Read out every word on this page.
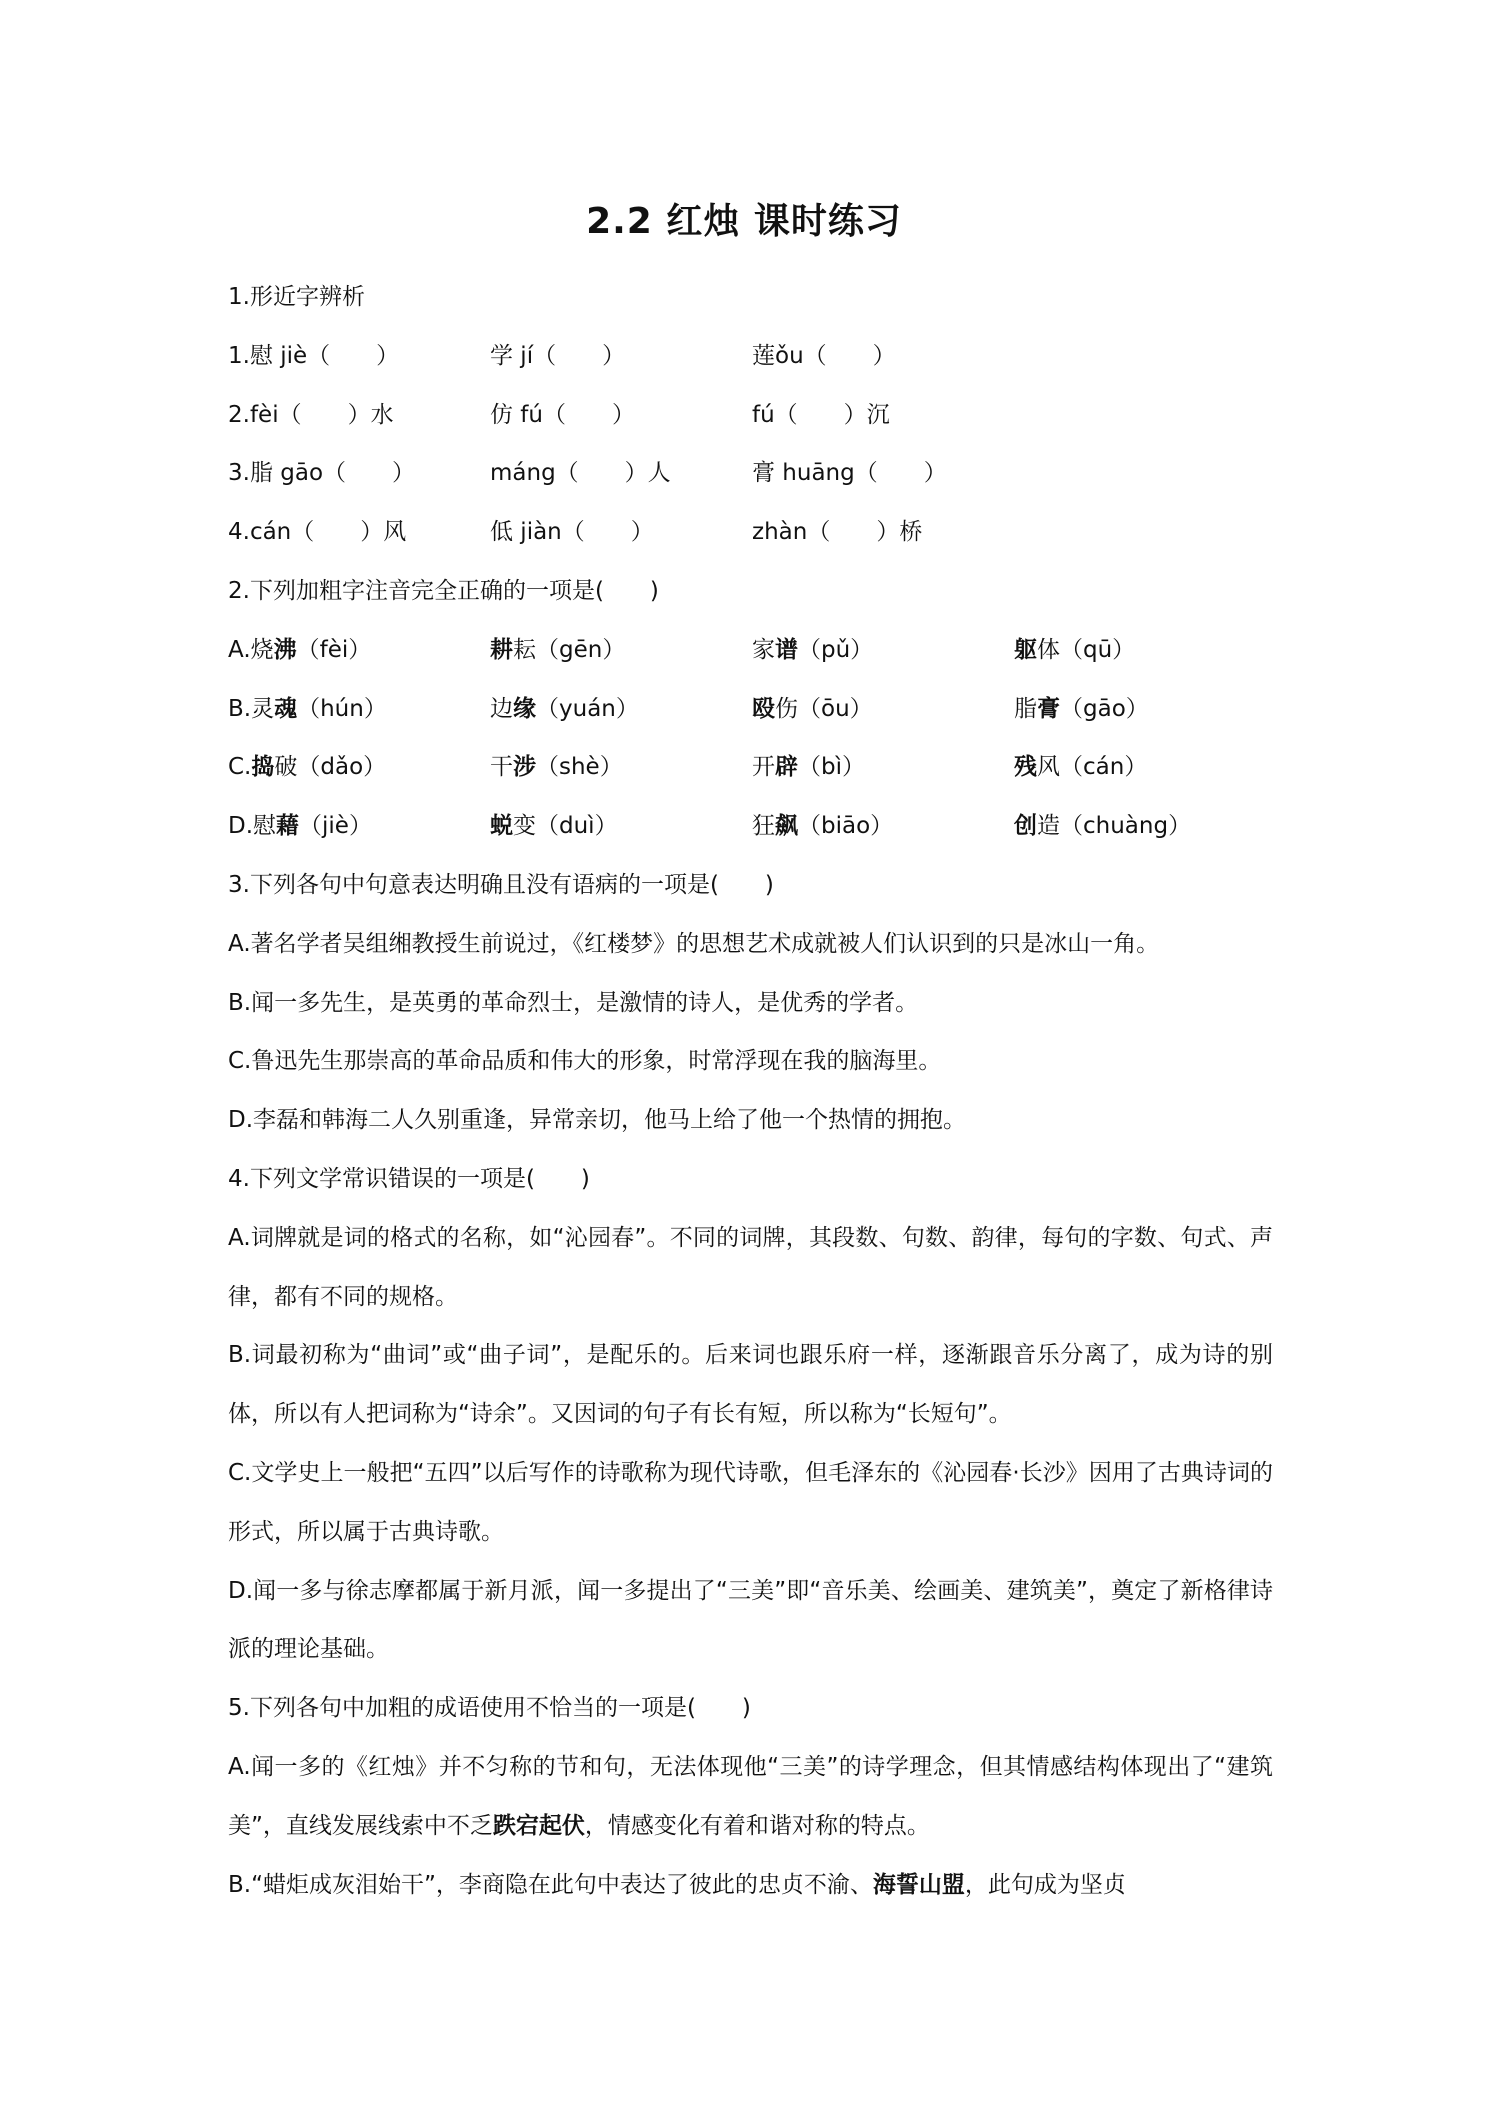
2.2 红烛 课时练习
1.形近字辨析
1.慰 jiè（　　）	学 jí（　　）	莲ǒu（　　）
2.fèi（　　）水	仿 fú（　　）	fú（　　）沉
3.脂 gāo（　　）	máng（　　）人	膏 huāng（　　）
4.cán（　　）风	低 jiàn（　　）	zhàn（　　）桥
2.下列加粗字注音完全正确的一项是(　　)
A.烧沸（fèi）	耕耘（gēn）	家谱（pǔ）	躯体（qū）
B.灵魂（hún）	边缘（yuán）	殴伤（ōu）	脂膏（gāo）
C.捣破（dǎo）	干涉（shè）	开辟（bì）	残风（cán）
D.慰藉（jiè）	蜕变（duì）	狂飙（biāo）	创造（chuàng）
3.下列各句中句意表达明确且没有语病的一项是(　　)
A.著名学者吴组缃教授生前说过，《红楼梦》的思想艺术成就被人们认识到的只是冰山一角。
B.闻一多先生，是英勇的革命烈士，是激情的诗人，是优秀的学者。
C.鲁迅先生那崇高的革命品质和伟大的形象，时常浮现在我的脑海里。
D.李磊和韩海二人久别重逢，异常亲切，他马上给了他一个热情的拥抱。
4.下列文学常识错误的一项是(　　)
A.词牌就是词的格式的名称，如“沁园春”。不同的词牌，其段数、句数、韵律，每句的字数、句式、声律，都有不同的规格。
B.词最初称为“曲词”或“曲子词”，是配乐的。后来词也跟乐府一样，逐渐跟音乐分离了，成为诗的别体，所以有人把词称为“诗余”。又因词的句子有长有短，所以称为“长短句”。
C.文学史上一般把“五四”以后写作的诗歌称为现代诗歌，但毛泽东的《沁园春·长沙》因用了古典诗词的形式，所以属于古典诗歌。
D.闻一多与徐志摩都属于新月派，闻一多提出了“三美”即“音乐美、绘画美、建筑美”，奠定了新格律诗派的理论基础。
5.下列各句中加粗的成语使用不恰当的一项是(　　)
A.闻一多的《红烛》并不匀称的节和句，无法体现他“三美”的诗学理念，但其情感结构体现出了“建筑美”，直线发展线索中不乏跌宕起伏，情感变化有着和谐对称的特点。
B.“蜡炬成灰泪始干”，李商隐在此句中表达了彼此的忠贞不渝、海誓山盟，此句成为坚贞
